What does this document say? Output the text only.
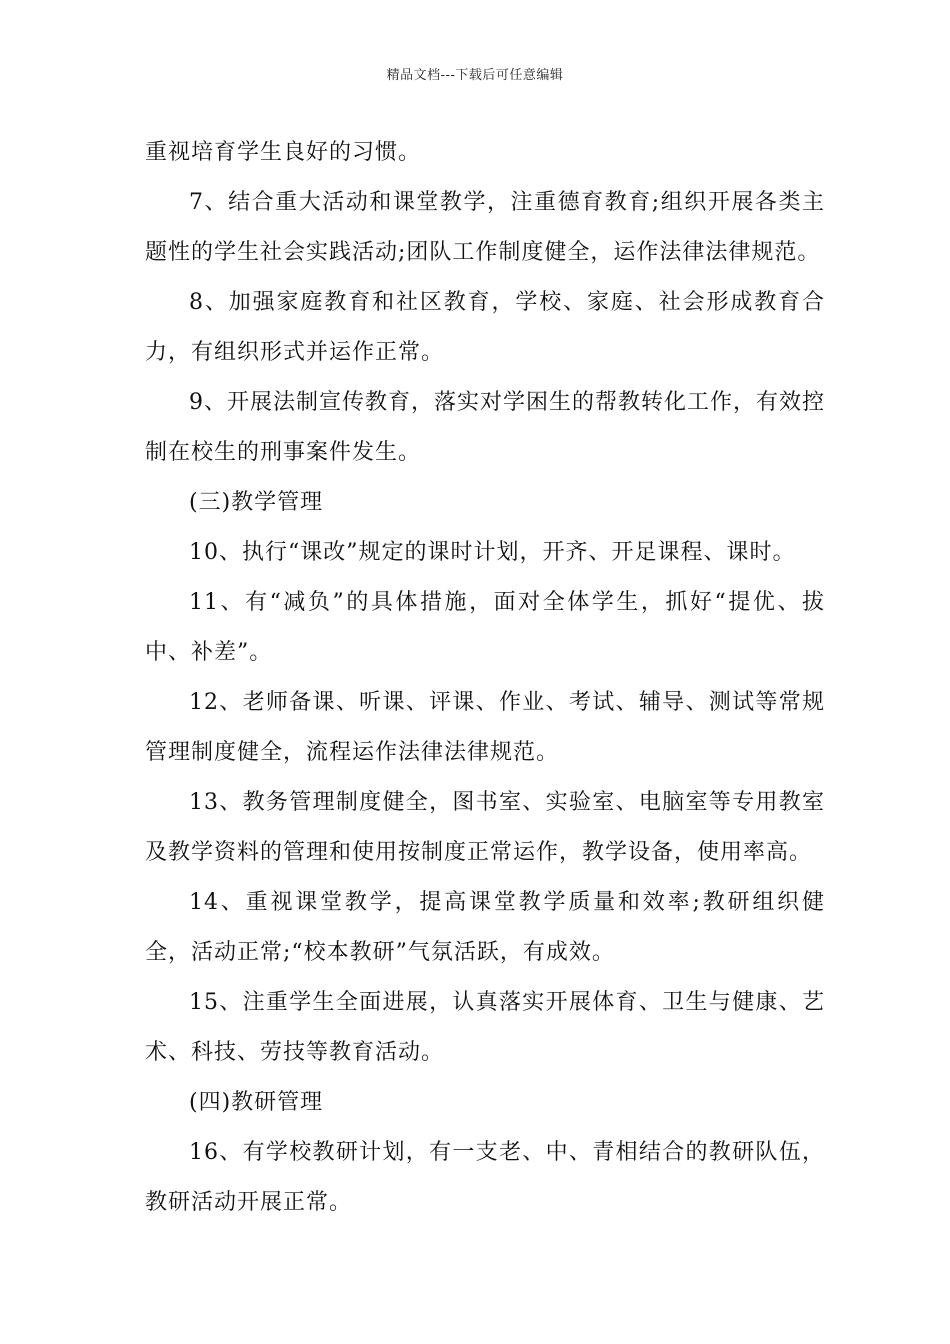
精品文档---下载后可任意编辑

重视培育学生良好的习惯。

7、结合重大活动和课堂教学，注重德育教育;组织开展各类主题性的学生社会实践活动;团队工作制度健全，运作法律法律规范。

8、加强家庭教育和社区教育，学校、家庭、社会形成教育合力，有组织形式并运作正常。

9、开展法制宣传教育，落实对学困生的帮教转化工作，有效控制在校生的刑事案件发生。

(三)教学管理

10、执行“课改”规定的课时计划，开齐、开足课程、课时。

11、有“减负”的具体措施，面对全体学生，抓好“提优、拔中、补差”。

12、老师备课、听课、评课、作业、考试、辅导、测试等常规管理制度健全，流程运作法律法律规范。

13、教务管理制度健全，图书室、实验室、电脑室等专用教室及教学资料的管理和使用按制度正常运作，教学设备，使用率高。

14、重视课堂教学，提高课堂教学质量和效率;教研组织健全，活动正常;“校本教研”气氛活跃，有成效。

15、注重学生全面进展，认真落实开展体育、卫生与健康、艺术、科技、劳技等教育活动。

(四)教研管理

16、有学校教研计划，有一支老、中、青相结合的教研队伍，教研活动开展正常。
